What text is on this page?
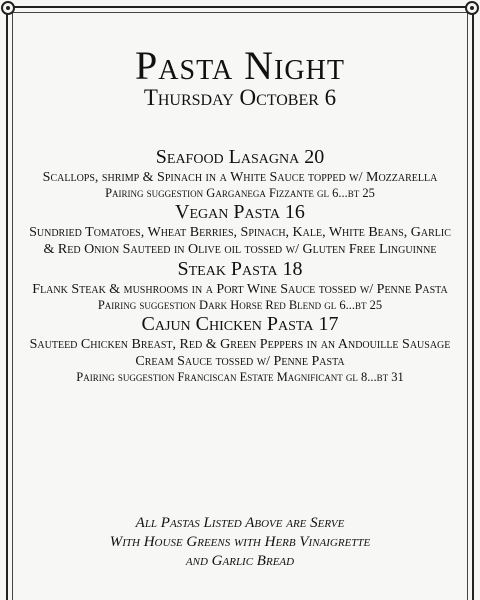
Pasta Night
Thursday October 6
Seafood Lasagna 20
Scallops, shrimp & Spinach in a White Sauce topped w/ Mozzarella
Pairing suggestion Garganega Fizzante gl 6...bt 25
Vegan Pasta 16
Sundried Tomatoes, Wheat Berries, Spinach, Kale, White Beans, Garlic & Red Onion Sauteed in Olive oil tossed w/ Gluten Free Linguinne
Steak Pasta 18
Flank Steak & mushrooms in a Port Wine Sauce tossed w/ Penne Pasta
Pairing suggestion Dark Horse Red Blend gl 6...bt 25
Cajun Chicken Pasta 17
Sauteed Chicken Breast, Red & Green Peppers in an Andouille Sausage Cream Sauce tossed w/ Penne Pasta
Pairing suggestion Franciscan Estate Magnificant gl 8...bt 31
All Pastas Listed Above are Serve
With House Greens with Herb Vinaigrette
and Garlic Bread
